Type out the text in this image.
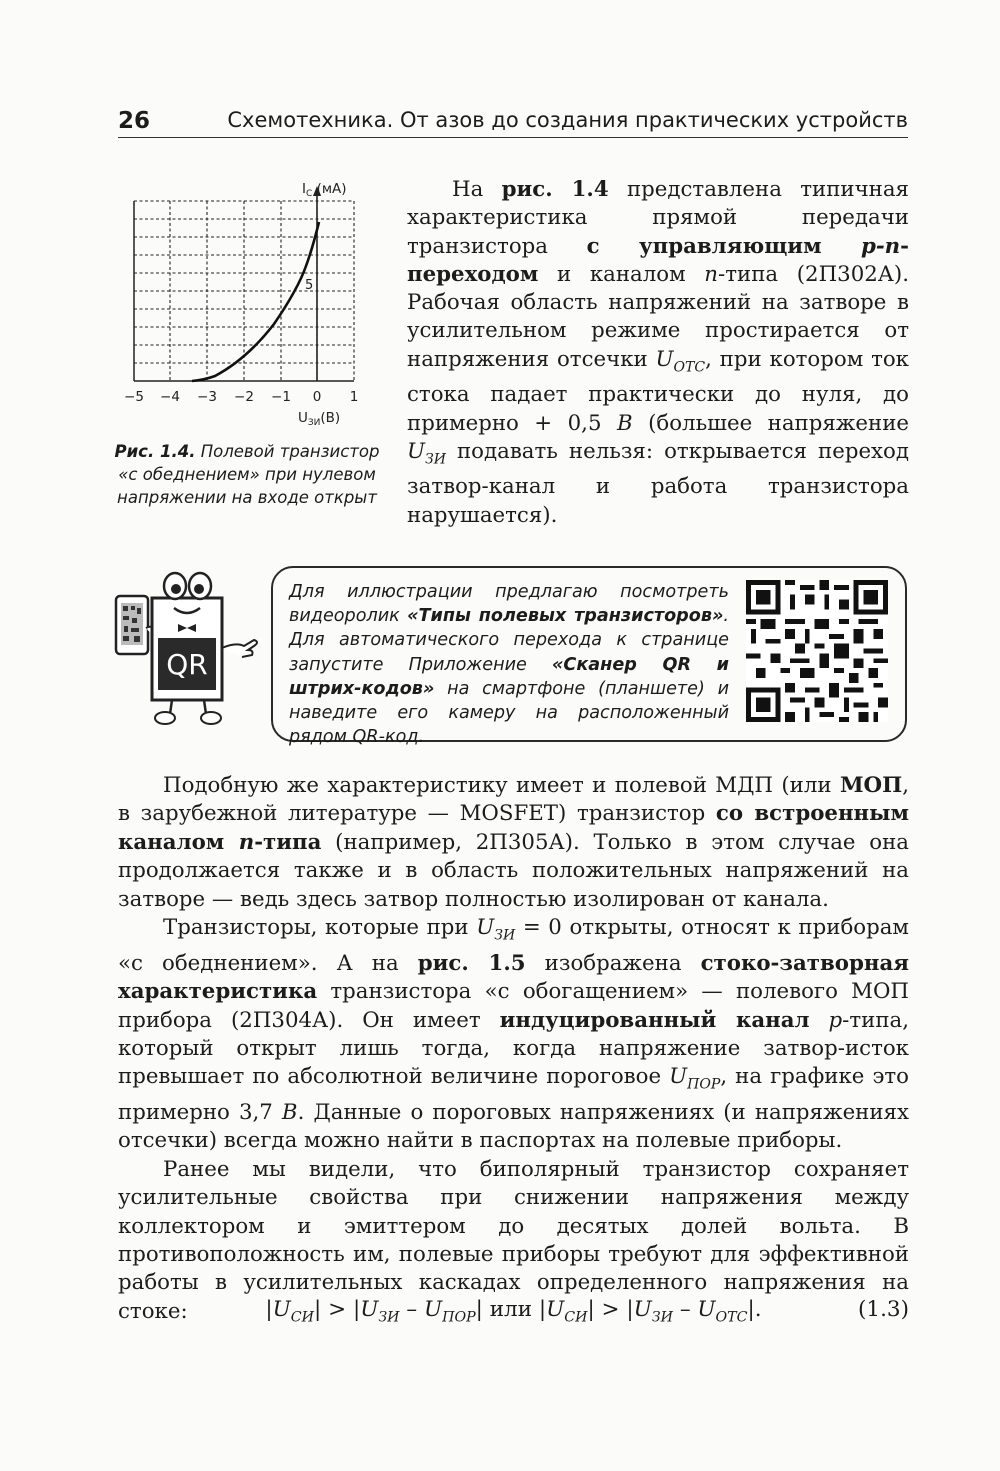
26	Схемотехника. От азов до создания практических устройств
$I_С$ (мА)
5
−5 −4 −3 −2 −1 0 1
$U_{ЗИ}(В)$
Рис. 1.4. Полевой транзистор «с обеднением» при нулевом напряжении на входе открыт
На рис. 1.4 представлена типичная характеристика прямой передачи транзистора с управляющим p-n-переходом и каналом n-типа (2П302А). Рабочая область напряжений на затворе в усилительном режиме простирается от напряжения отсечки $U_{ОТС}$, при котором ток стока падает практически до нуля, до примерно + 0,5 В (большее напряжение $U_{ЗИ}$ подавать нельзя: открывается переход затвор-канал и работа транзистора нарушается).
QR
Для иллюстрации предлагаю посмотреть видеоролик «Типы полевых транзисторов». Для автоматического перехода к странице запустите Приложение «Сканер QR и штрих-кодов» на смартфоне (планшете) и наведите его камеру на расположенный рядом QR-код.

Подобную же характеристику имеет и полевой МДП (или МОП, в зарубежной литературе — MOSFET) транзистор со встроенным каналом n-типа (например, 2П305А). Только в этом случае она продолжается также и в область положительных напряжений на затворе — ведь здесь затвор полностью изолирован от канала.

Транзисторы, которые при $U_{ЗИ} = 0$ открыты, относят к приборам «с обеднением». А на рис. 1.5 изображена стоко-затворная характеристика транзистора «с обогащением» — полевого МОП прибора (2П304А). Он имеет индуцированный канал p-типа, который открыт лишь тогда, когда напряжение затвор-исток превышает по абсолютной величине пороговое $U_{ПОР}$, на графике это примерно 3,7 В. Данные о пороговых напряжениях (и напряжениях отсечки) всегда можно найти в паспортах на полевые приборы.

Ранее мы видели, что биполярный транзистор сохраняет усилительные свойства при снижении напряжения между коллектором и эмиттером до десятых долей вольта. В противоположность им, полевые приборы требуют для эффективной работы в усилительных каскадах определенного напряжения на стоке:	$|U_{СИ}| > |U_{ЗИ} - U_{ПОР}|$ или $|U_{СИ}| > |U_{ЗИ} - U_{ОТС}|$.	(1.3)
